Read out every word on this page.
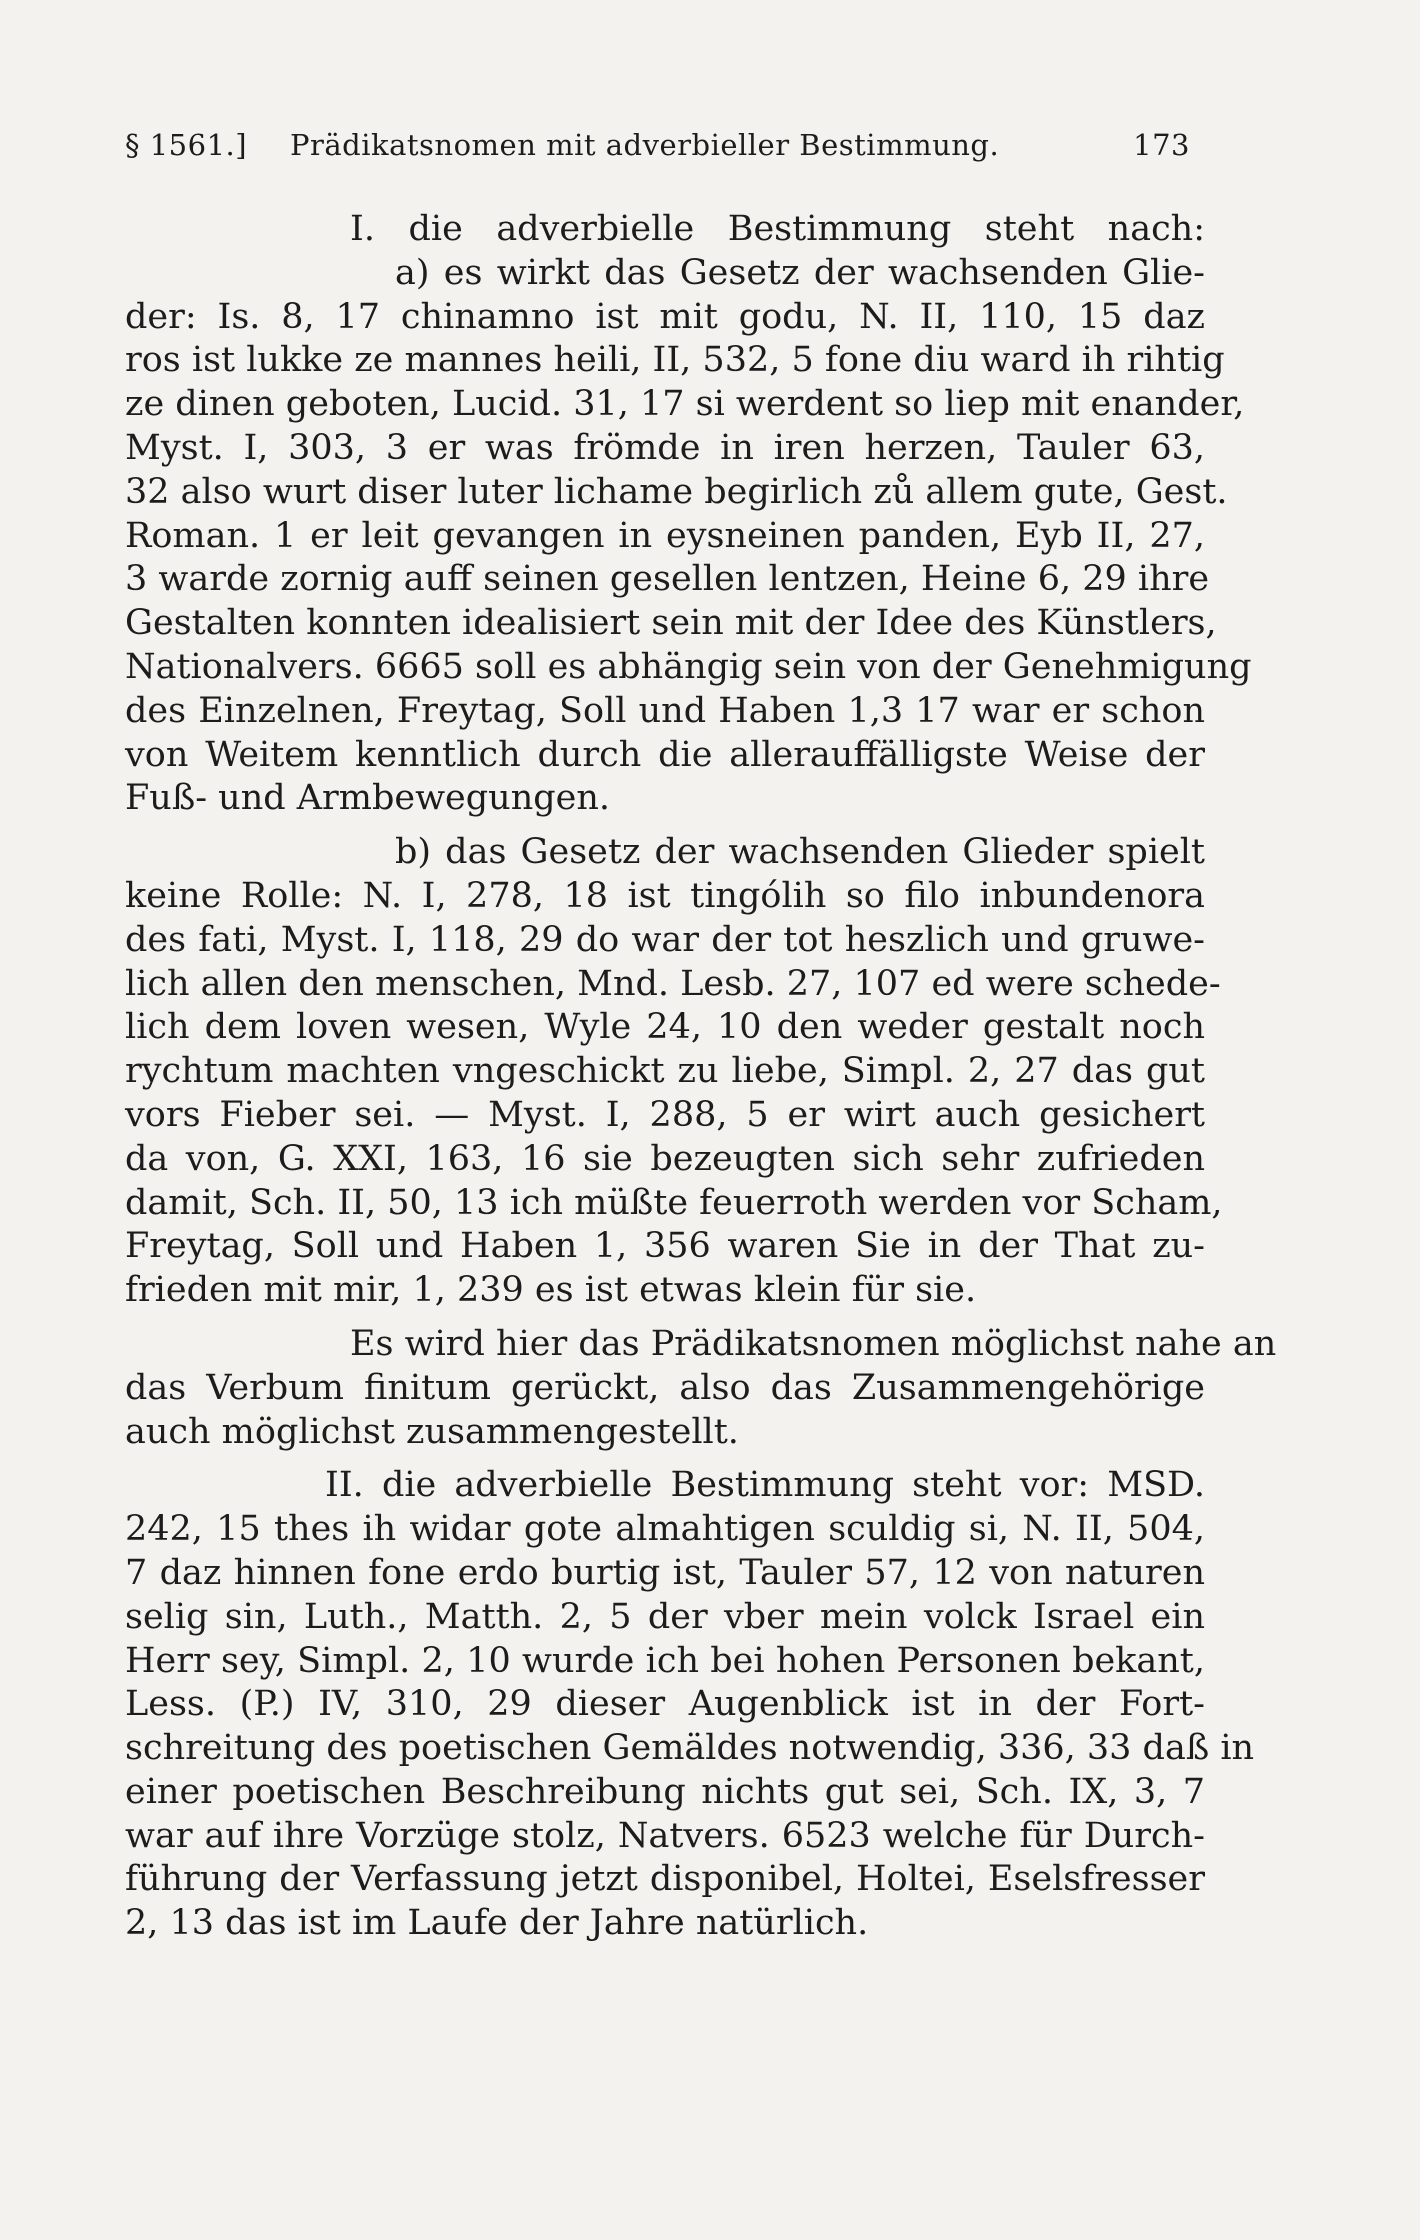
§ 1561.]	Prädikatsnomen mit adverbieller Bestimmung.	173
I. die adverbielle Bestimmung steht nach:
a) es wirkt das Gesetz der wachsenden Glie-
der: Is. 8, 17 chinamno ist mit godu, N. II, 110, 15 daz
ros ist lukke ze mannes heili, II, 532, 5 fone diu ward ih rihtig
ze dinen geboten, Lucid. 31, 17 si werdent so liep mit enander,
Myst. I, 303, 3 er was frömde in iren herzen, Tauler 63,
32 also wurt diser luter lichame begirlich zů allem gute, Gest.
Roman. 1 er leit gevangen in eysneinen panden, Eyb II, 27,
3 warde zornig auff seinen gesellen lentzen, Heine 6, 29 ihre
Gestalten konnten idealisiert sein mit der Idee des Künstlers,
Nationalvers. 6665 soll es abhängig sein von der Genehmigung
des Einzelnen, Freytag, Soll und Haben 1,3 17 war er schon
von Weitem kenntlich durch die allerauffälligste Weise der
Fuß- und Armbewegungen.
b) das Gesetz der wachsenden Glieder spielt
keine Rolle: N. I, 278, 18 ist tingólih so filo inbundenora
des fati, Myst. I, 118, 29 do war der tot heszlich und gruwe-
lich allen den menschen, Mnd. Lesb. 27, 107 ed were schede-
lich dem loven wesen, Wyle 24, 10 den weder gestalt noch
rychtum machten vngeschickt zu liebe, Simpl. 2, 27 das gut
vors Fieber sei. — Myst. I, 288, 5 er wirt auch gesichert
da von, G. XXI, 163, 16 sie bezeugten sich sehr zufrieden
damit, Sch. II, 50, 13 ich müßte feuerroth werden vor Scham,
Freytag, Soll und Haben 1, 356 waren Sie in der That zu-
frieden mit mir, 1, 239 es ist etwas klein für sie.
Es wird hier das Prädikatsnomen möglichst nahe an
das Verbum finitum gerückt, also das Zusammengehörige
auch möglichst zusammengestellt.
II. die adverbielle Bestimmung steht vor: MSD.
242, 15 thes ih widar gote almahtigen sculdig si, N. II, 504,
7 daz hinnen fone erdo burtig ist, Tauler 57, 12 von naturen
selig sin, Luth., Matth. 2, 5 der vber mein volck Israel ein
Herr sey, Simpl. 2, 10 wurde ich bei hohen Personen bekant,
Less. (P.) IV, 310, 29 dieser Augenblick ist in der Fort-
schreitung des poetischen Gemäldes notwendig, 336, 33 daß in
einer poetischen Beschreibung nichts gut sei, Sch. IX, 3, 7
war auf ihre Vorzüge stolz, Natvers. 6523 welche für Durch-
führung der Verfassung jetzt disponibel, Holtei, Eselsfresser
2, 13 das ist im Laufe der Jahre natürlich.
